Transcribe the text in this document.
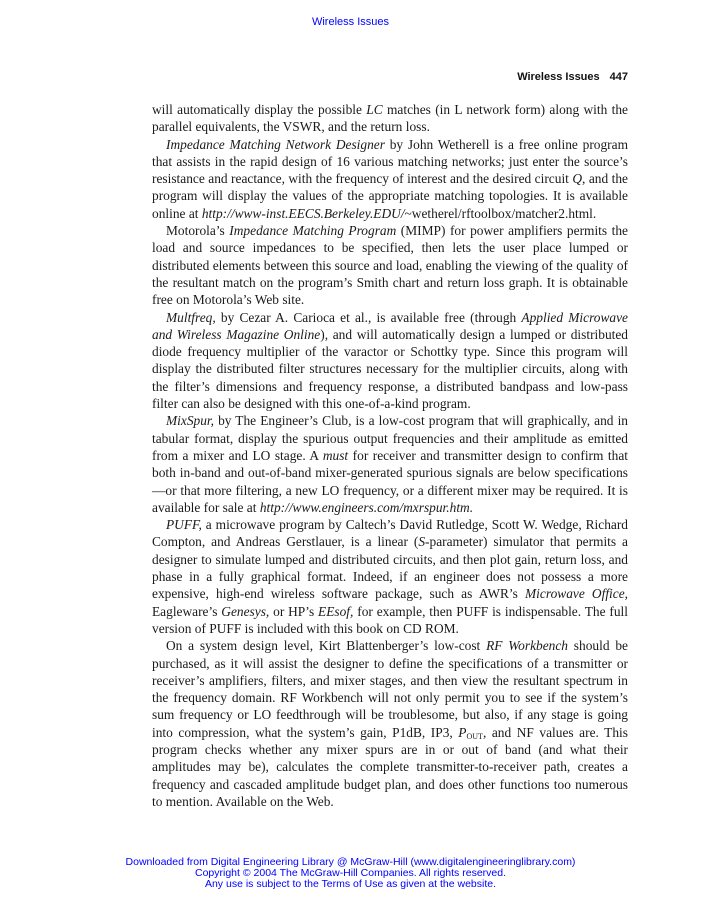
Wireless Issues
Wireless Issues 447

will automatically display the possible LC matches (in L network form) along with the parallel equivalents, the VSWR, and the return loss.

Impedance Matching Network Designer by John Wetherell is a free online program that assists in the rapid design of 16 various matching networks; just enter the source’s resistance and reactance, with the frequency of interest and the desired circuit Q, and the program will display the values of the appropriate matching topologies. It is available online at http://www-inst.EECS.Berkeley.EDU/~wetherel/rftoolbox/matcher2.html.

Motorola’s Impedance Matching Program (MIMP) for power amplifiers permits the load and source impedances to be specified, then lets the user place lumped or distributed elements between this source and load, enabling the viewing of the quality of the resultant match on the program’s Smith chart and return loss graph. It is obtainable free on Motorola’s Web site.

Multfreq, by Cezar A. Carioca et al., is available free (through Applied Microwave and Wireless Magazine Online), and will automatically design a lumped or distributed diode frequency multiplier of the varactor or Schottky type. Since this program will display the distributed filter structures necessary for the multiplier circuits, along with the filter’s dimensions and frequency response, a distributed bandpass and low-pass filter can also be designed with this one-of-a-kind program.

MixSpur, by The Engineer’s Club, is a low-cost program that will graphically, and in tabular format, display the spurious output frequencies and their amplitude as emitted from a mixer and LO stage. A must for receiver and transmitter design to confirm that both in-band and out-of-band mixer-generated spurious signals are below specifications—or that more filtering, a new LO frequency, or a different mixer may be required. It is available for sale at http://www.engineers.com/mxrspur.htm.

PUFF, a microwave program by Caltech’s David Rutledge, Scott W. Wedge, Richard Compton, and Andreas Gerstlauer, is a linear (S-parameter) simulator that permits a designer to simulate lumped and distributed circuits, and then plot gain, return loss, and phase in a fully graphical format. Indeed, if an engineer does not possess a more expensive, high-end wireless software package, such as AWR’s Microwave Office, Eagleware’s Genesys, or HP’s EEsof, for example, then PUFF is indispensable. The full version of PUFF is included with this book on CD ROM.

On a system design level, Kirt Blattenberger’s low-cost RF Workbench should be purchased, as it will assist the designer to define the specifications of a transmitter or receiver’s amplifiers, filters, and mixer stages, and then view the resultant spectrum in the frequency domain. RF Workbench will not only permit you to see if the system’s sum frequency or LO feedthrough will be troublesome, but also, if any stage is going into compression, what the system’s gain, P1dB, IP3, $P_{OUT}$, and NF values are. This program checks whether any mixer spurs are in or out of band (and what their amplitudes may be), calculates the complete transmitter-to-receiver path, creates a frequency and cascaded amplitude budget plan, and does other functions too numerous to mention. Available on the Web.

Downloaded from Digital Engineering Library @ McGraw-Hill (www.digitalengineeringlibrary.com)
Copyright © 2004 The McGraw-Hill Companies. All rights reserved.
Any use is subject to the Terms of Use as given at the website.
